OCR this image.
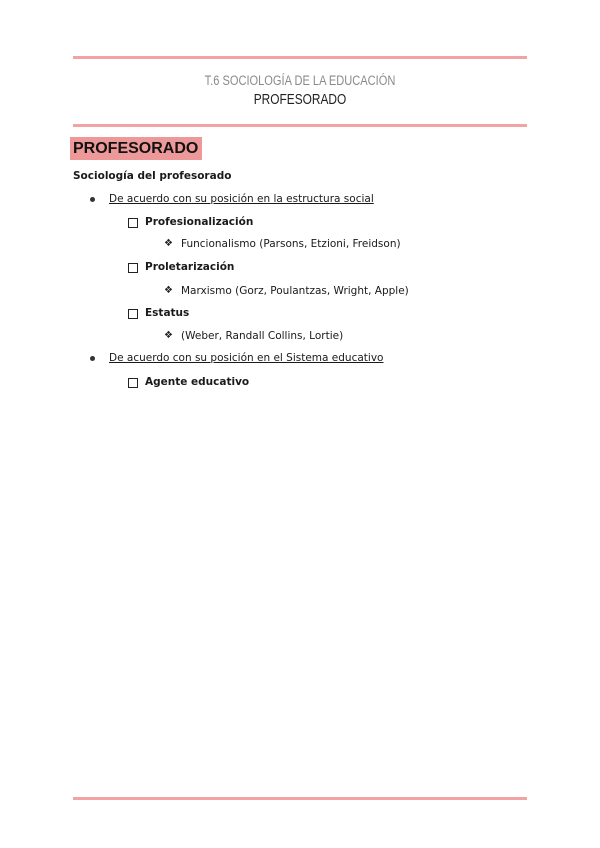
T.6 SOCIOLOGÍA DE LA EDUCACIÓN
PROFESORADO
PROFESORADO
Sociología del profesorado
De acuerdo con su posición en la estructura social
Profesionalización
❖ Funcionalismo (Parsons, Etzioni, Freidson)
Proletarización
❖ Marxismo (Gorz, Poulantzas, Wright, Apple)
Estatus
❖ (Weber, Randall Collins, Lortie)
De acuerdo con su posición en el Sistema educativo
Agente educativo
